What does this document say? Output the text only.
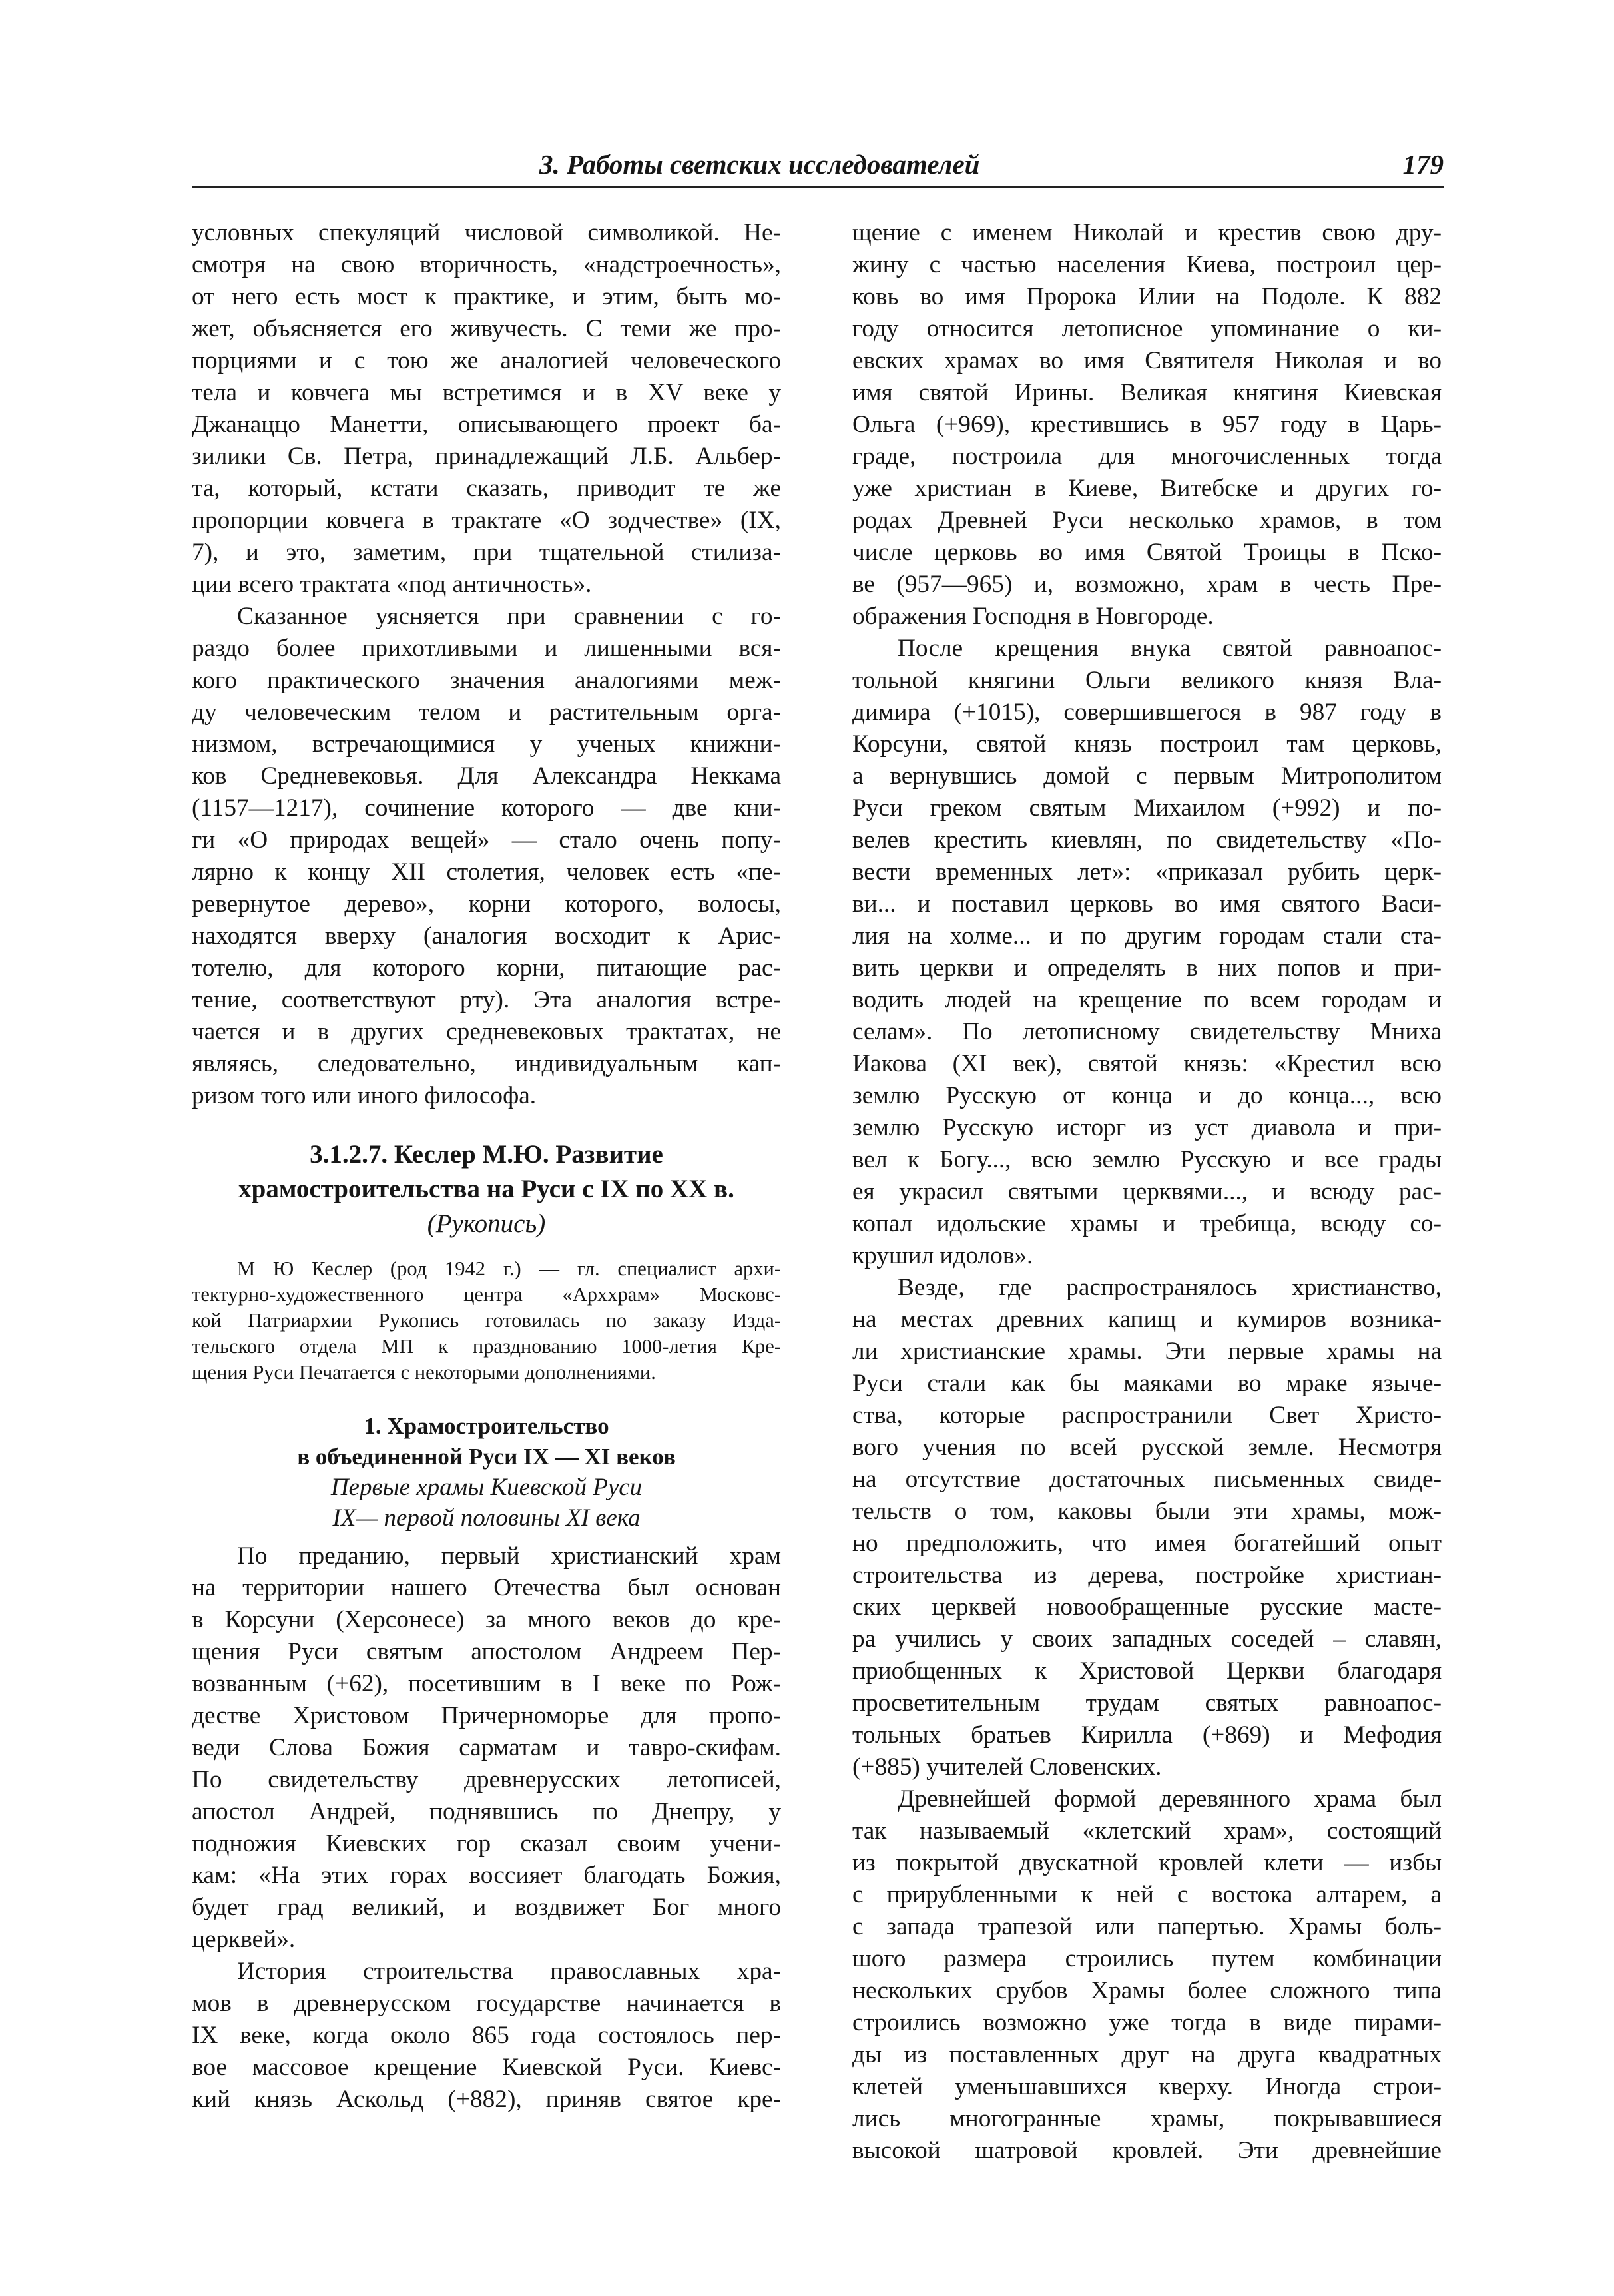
3. Работы светских исследователей	179
условных спекуляций числовой символикой. Не-
смотря на свою вторичность, «надстроечность»,
от него есть мост к практике, и этим, быть мо-
жет, объясняется его живучесть. С теми же про-
порциями и с тою же аналогией человеческого
тела и ковчега мы встретимся и в XV веке у
Джанаццо Манетти, описывающего проект ба-
зилики Св. Петра, принадлежащий Л.Б. Альбер-
та, который, кстати сказать, приводит те же
пропорции ковчега в трактате «О зодчестве» (IX,
7), и это, заметим, при тщательной стилиза-
ции всего трактата «под античность».
Сказанное уясняется при сравнении с го-
раздо более прихотливыми и лишенными вся-
кого практического значения аналогиями меж-
ду человеческим телом и растительным орга-
низмом, встречающимися у ученых книжни-
ков Средневековья. Для Александра Неккама
(1157—1217), сочинение которого — две кни-
ги «О природах вещей» — стало очень попу-
лярно к концу XII столетия, человек есть «пе-
ревернутое дерево», корни которого, волосы,
находятся вверху (аналогия восходит к Арис-
тотелю, для которого корни, питающие рас-
тение, соответствуют рту). Эта аналогия встре-
чается и в других средневековых трактатах, не
являясь, следовательно, индивидуальным кап-
ризом того или иного философа.
3.1.2.7. Кеслер М.Ю. Развитие
храмостроительства на Руси с IX по XX в.
(Рукопись)
М Ю Кеслер (род 1942 г.) — гл. специалист архи-
тектурно-художественного центра «Арххрам» Московс-
кой Патриархии Рукопись готовилась по заказу Изда-
тельского отдела МП к празднованию 1000-летия Кре-
щения Руси Печатается с некоторыми дополнениями.
1. Храмостроительство
в объединенной Руси IX — XI веков
Первые храмы Киевской Руси
IX— первой половины XI века
По преданию, первый христианский храм
на территории нашего Отечества был основан
в Корсуни (Херсонесе) за много веков до кре-
щения Руси святым апостолом Андреем Пер-
возванным (+62), посетившим в I веке по Рож-
дестве Христовом Причерноморье для пропо-
веди Слова Божия сарматам и тавро-скифам.
По свидетельству древнерусских летописей,
апостол Андрей, поднявшись по Днепру, у
подножия Киевских гор сказал своим учени-
кам: «На этих горах воссияет благодать Божия,
будет град великий, и воздвижет Бог много
церквей».
История строительства православных хра-
мов в древнерусском государстве начинается в
IX веке, когда около 865 года состоялось пер-
вое массовое крещение Киевской Руси. Киевс-
кий князь Аскольд (+882), приняв святое кре-
щение с именем Николай и крестив свою дру-
жину с частью населения Киева, построил цер-
ковь во имя Пророка Илии на Подоле. К 882
году относится летописное упоминание о ки-
евских храмах во имя Святителя Николая и во
имя святой Ирины. Великая княгиня Киевская
Ольга (+969), крестившись в 957 году в Царь-
граде, построила для многочисленных тогда
уже христиан в Киеве, Витебске и других го-
родах Древней Руси несколько храмов, в том
числе церковь во имя Святой Троицы в Пско-
ве (957—965) и, возможно, храм в честь Пре-
ображения Господня в Новгороде.
После крещения внука святой равноапос-
тольной княгини Ольги великого князя Вла-
димира (+1015), совершившегося в 987 году в
Корсуни, святой князь построил там церковь,
а вернувшись домой с первым Митрополитом
Руси греком святым Михаилом (+992) и по-
велев крестить киевлян, по свидетельству «По-
вести временных лет»: «приказал рубить церк-
ви... и поставил церковь во имя святого Васи-
лия на холме... и по другим городам стали ста-
вить церкви и определять в них попов и при-
водить людей на крещение по всем городам и
селам». По летописному свидетельству Мниха
Иакова (XI век), святой князь: «Крестил всю
землю Русскую от конца и до конца..., всю
землю Русскую исторг из уст диавола и при-
вел к Богу..., всю землю Русскую и все грады
ея украсил святыми церквями..., и всюду рас-
копал идольские храмы и требища, всюду со-
крушил идолов».
Везде, где распространялось христианство,
на местах древних капищ и кумиров возника-
ли христианские храмы. Эти первые храмы на
Руси стали как бы маяками во мраке язычe-
ства, которые распространили Свет Христо-
вого учения по всей русской земле. Несмотря
на отсутствие достаточных письменных свиде-
тельств о том, каковы были эти храмы, мож-
но предположить, что имея богатейший опыт
строительства из дерева, постройке христиан-
ских церквей новообращенные русские масте-
ра учились у своих западных соседей – славян,
приобщенных к Христовой Церкви благодаря
просветительным трудам святых равноапос-
тольных братьев Кирилла (+869) и Мефодия
(+885) учителей Словенских.
Древнейшей формой деревянного храма был
так называемый «клетский храм», состоящий
из покрытой двускатной кровлей клети — избы
с прирубленными к ней с востока алтарем, а
с запада трапезой или папертью. Храмы боль-
шого размера строились путем комбинации
нескольких срубов Храмы более сложного типа
строились возможно уже тогда в виде пирами-
ды из поставленных друг на друга квадратных
клетей уменьшавшихся кверху. Иногда строи-
лись многогранные храмы, покрывавшиеся
высокой шатровой кровлей. Эти древнейшие
